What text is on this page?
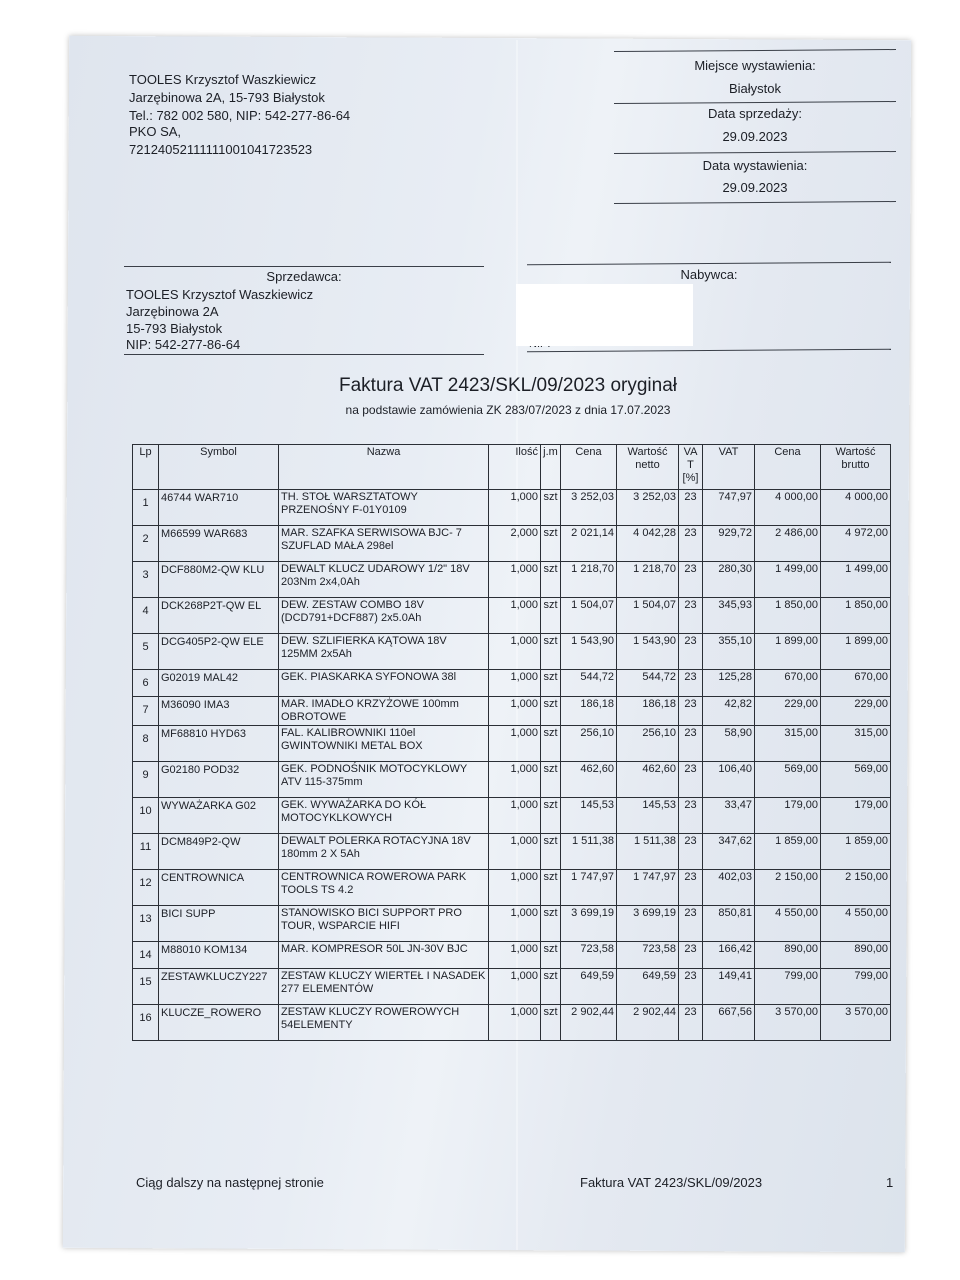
TOOLES Krzysztof Waszkiewicz
Jarzębinowa 2A, 15-793 Białystok
Tel.: 782 002 580, NIP: 542-277-86-64
PKO SA,
72124052111111001041723523
Miejsce wystawienia:
Białystok
Data sprzedaży:
29.09.2023
Data wystawienia:
29.09.2023
Sprzedawca:
TOOLES Krzysztof Waszkiewicz
Jarzębinowa 2A
15-793 Białystok
NIP: 542-277-86-64
Nabywca:
Faktura VAT 2423/SKL/09/2023 oryginał
na podstawie zamówienia ZK 283/07/2023 z dnia 17.07.2023
Lp	Symbol	Nazwa	Ilość	j.m	Cena	Wartość netto	VA T [%]	VAT	Cena	Wartość brutto
1	46744 WAR710	TH. STOŁ WARSZTATOWY PRZENOŚNY F-01Y0109	1,000	szt	3 252,03	3 252,03	23	747,97	4 000,00	4 000,00
2	M66599 WAR683	MAR. SZAFKA SERWISOWA BJC- 7 SZUFLAD MAŁA 298el	2,000	szt	2 021,14	4 042,28	23	929,72	2 486,00	4 972,00
3	DCF880M2-QW KLU	DEWALT KLUCZ UDAROWY 1/2" 18V 203Nm 2x4,0Ah	1,000	szt	1 218,70	1 218,70	23	280,30	1 499,00	1 499,00
4	DCK268P2T-QW EL	DEW. ZESTAW COMBO 18V (DCD791+DCF887) 2x5.0Ah	1,000	szt	1 504,07	1 504,07	23	345,93	1 850,00	1 850,00
5	DCG405P2-QW ELE	DEW. SZLIFIERKA KĄTOWA 18V 125MM 2x5Ah	1,000	szt	1 543,90	1 543,90	23	355,10	1 899,00	1 899,00
6	G02019 MAL42	GEK. PIASKARKA SYFONOWA 38l	1,000	szt	544,72	544,72	23	125,28	670,00	670,00
7	M36090 IMA3	MAR. IMADŁO KRZYŻOWE 100mm OBROTOWE	1,000	szt	186,18	186,18	23	42,82	229,00	229,00
8	MF68810 HYD63	FAL. KALIBROWNIKI 110el GWINTOWNIKI METAL BOX	1,000	szt	256,10	256,10	23	58,90	315,00	315,00
9	G02180 POD32	GEK. PODNOŚNIK MOTOCYKLOWY ATV 115-375mm	1,000	szt	462,60	462,60	23	106,40	569,00	569,00
10	WYWAŻARKA G02	GEK. WYWAŻARKA DO KÓŁ MOTOCYKLKOWYCH	1,000	szt	145,53	145,53	23	33,47	179,00	179,00
11	DCM849P2-QW	DEWALT POLERKA ROTACYJNA 18V 180mm 2 X 5Ah	1,000	szt	1 511,38	1 511,38	23	347,62	1 859,00	1 859,00
12	CENTROWNICA	CENTROWNICA ROWEROWA PARK TOOLS TS 4.2	1,000	szt	1 747,97	1 747,97	23	402,03	2 150,00	2 150,00
13	BICI SUPP	STANOWISKO BICI SUPPORT PRO TOUR, WSPARCIE HIFI	1,000	szt	3 699,19	3 699,19	23	850,81	4 550,00	4 550,00
14	M88010 KOM134	MAR. KOMPRESOR 50L JN-30V BJC	1,000	szt	723,58	723,58	23	166,42	890,00	890,00
15	ZESTAWKLUCZY227	ZESTAW KLUCZY WIERTEŁ I NASADEK 277 ELEMENTÓW	1,000	szt	649,59	649,59	23	149,41	799,00	799,00
16	KLUCZE_ROWERO	ZESTAW KLUCZY ROWEROWYCH 54ELEMENTY	1,000	szt	2 902,44	2 902,44	23	667,56	3 570,00	3 570,00
Ciąg dalszy na następnej stronie	Faktura VAT 2423/SKL/09/2023	1
